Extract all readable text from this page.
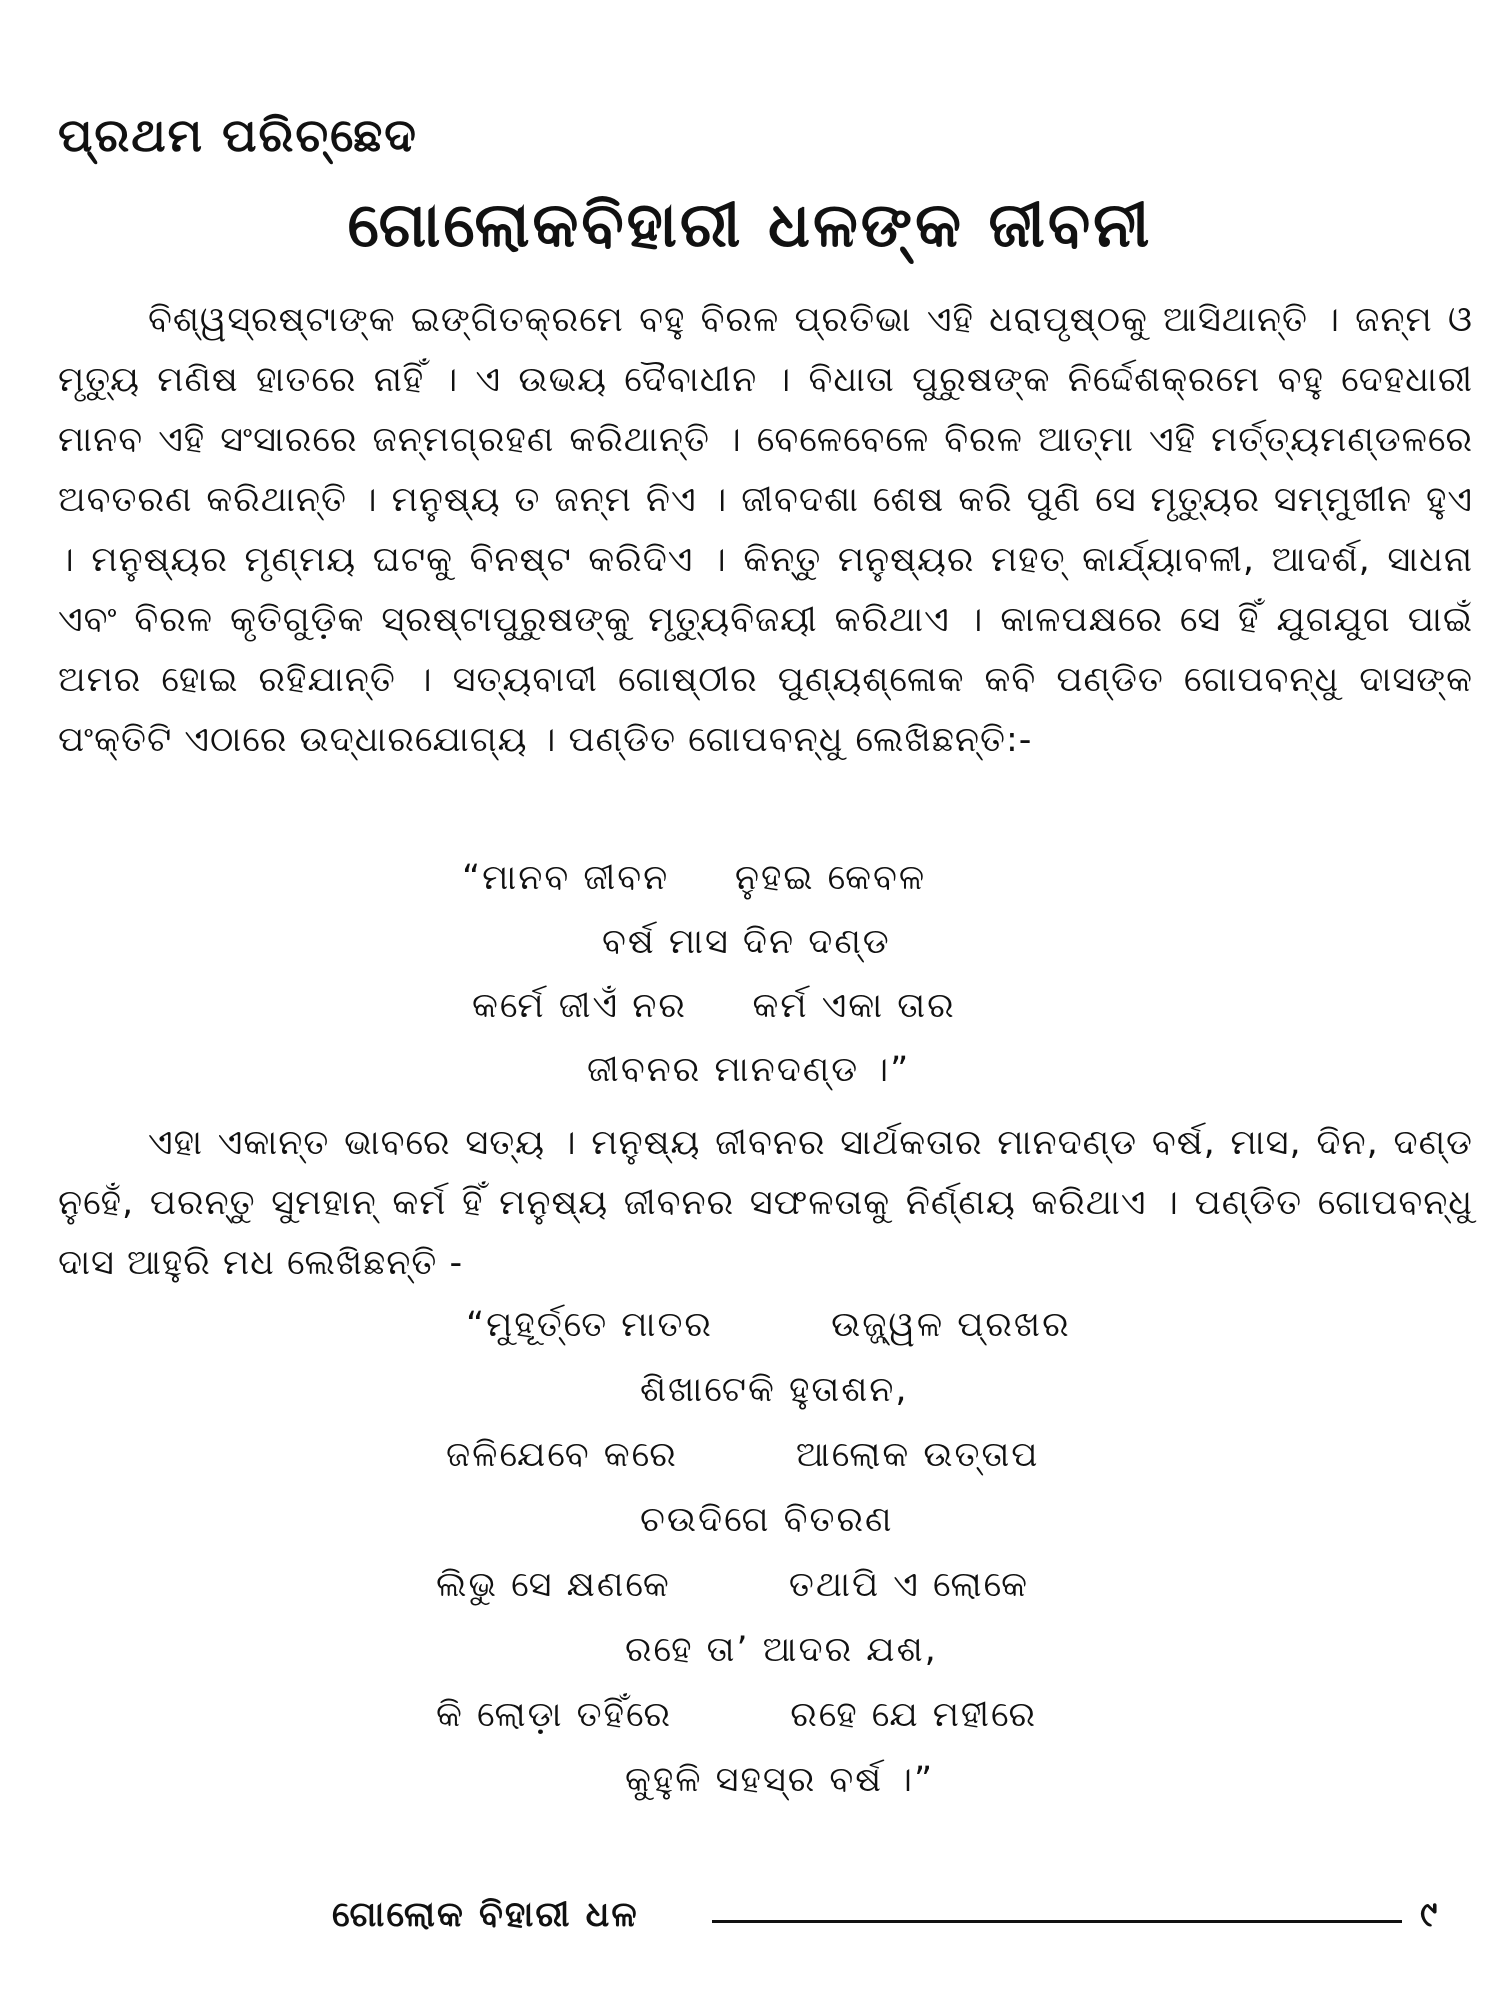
ପ୍ରଥମ ପରିଚ୍ଛେଦ
ଗୋଲୋକବିହାରୀ ଧଳଙ୍କ ଜୀବନୀ
ବିଶ୍ୱସ୍ରଷ୍ଟାଙ୍କ ଇଙ୍ଗିତକ୍ରମେ ବହୁ ବିରଳ ପ୍ରତିଭା ଏହି ଧରାପୃଷ୍ଠକୁ ଆସିଥାନ୍ତି । ଜନ୍ମ ଓ ମୃତ୍ୟୁ ମଣିଷ ହାତରେ ନାହିଁ । ଏ ଉଭୟ ଦୈବାଧୀନ । ବିଧାତା ପୁରୁଷଙ୍କ ନିର୍ଦ୍ଦେଶକ୍ରମେ ବହୁ ଦେହଧାରୀ ମାନବ ଏହି ସଂସାରରେ ଜନ୍ମଗ୍ରହଣ କରିଥାନ୍ତି । ବେଳେବେଳେ ବିରଳ ଆତ୍ମା ଏହି ମର୍ତ୍ତ୍ୟମଣ୍ଡଳରେ ଅବତରଣ କରିଥାନ୍ତି । ମନୁଷ୍ୟ ତ ଜନ୍ମ ନିଏ । ଜୀବଦଶା ଶେଷ କରି ପୁଣି ସେ ମୃତ୍ୟୁର ସମ୍ମୁଖୀନ ହୁଏ । ମନୁଷ୍ୟର ମୃଣ୍ମୟ ଘଟକୁ ବିନଷ୍ଟ କରିଦିଏ । କିନ୍ତୁ ମନୁଷ୍ୟର ମହତ୍ କାର୍ଯ୍ୟାବଳୀ, ଆଦର୍ଶ, ସାଧନା ଏବଂ ବିରଳ କୃତିଗୁଡ଼ିକ ସ୍ରଷ୍ଟାପୁରୁଷଙ୍କୁ ମୃତ୍ୟୁବିଜୟୀ କରିଥାଏ । କାଳପକ୍ଷରେ ସେ ହିଁ ଯୁଗଯୁଗ ପାଇଁ ଅମର ହୋଇ ରହିଯାନ୍ତି । ସତ୍ୟବାଦୀ ଗୋଷ୍ଠୀର ପୁଣ୍ୟଶ୍ଳୋକ କବି ପଣ୍ଡିତ ଗୋପବନ୍ଧୁ ଦାସଙ୍କ ପଂକ୍ତିଟି ଏଠାରେ ଉଦ୍ଧାରଯୋଗ୍ୟ । ପଣ୍ଡିତ ଗୋପବନ୍ଧୁ ଲେଖିଛନ୍ତି:-
“ମାନବ ଜୀବନ     ନୁହଇ କେବଳ
ବର୍ଷ ମାସ ଦିନ ଦଣ୍ଡ
କର୍ମେ ଜୀଏଁ ନର     କର୍ମ ଏକା ତାର
ଜୀବନର ମାନଦଣ୍ଡ ।”
ଏହା ଏକାନ୍ତ ଭାବରେ ସତ୍ୟ । ମନୁଷ୍ୟ ଜୀବନର ସାର୍ଥକତାର ମାନଦଣ୍ଡ ବର୍ଷ, ମାସ, ଦିନ, ଦଣ୍ଡ ନୁହେଁ, ପରନ୍ତୁ ସୁମହାନ୍ କର୍ମ ହିଁ ମନୁଷ୍ୟ ଜୀବନର ସଫଳତାକୁ ନିର୍ଣ୍ଣୟ କରିଥାଏ । ପଣ୍ଡିତ ଗୋପବନ୍ଧୁ ଦାସ ଆହୁରି ମଧ ଲେଖିଛନ୍ତି -
“ମୁହୂର୍ତ୍ତେ ମାତର         ଉଜ୍ଜ୍ୱଳ ପ୍ରଖର
ଶିଖାଟେକି ହୁତାଶନ,
ଜଳିଯେବେ କରେ         ଆଲୋକ ଉତ୍ତାପ
ଚଉଦିଗେ ବିତରଣ
ଲିଭୁ ସେ କ୍ଷଣକେ         ତଥାପି ଏ ଲୋକେ
ରହେ ତା’ ଆଦର ଯଶ,
କି ଲୋଡ଼ା ତହିଁରେ         ରହେ ଯେ ମହୀରେ
କୁହୁଳି ସହସ୍ର ବର୍ଷ ।”
ଗୋଲୋକ ବିହାରୀ ଧଳ	୯
